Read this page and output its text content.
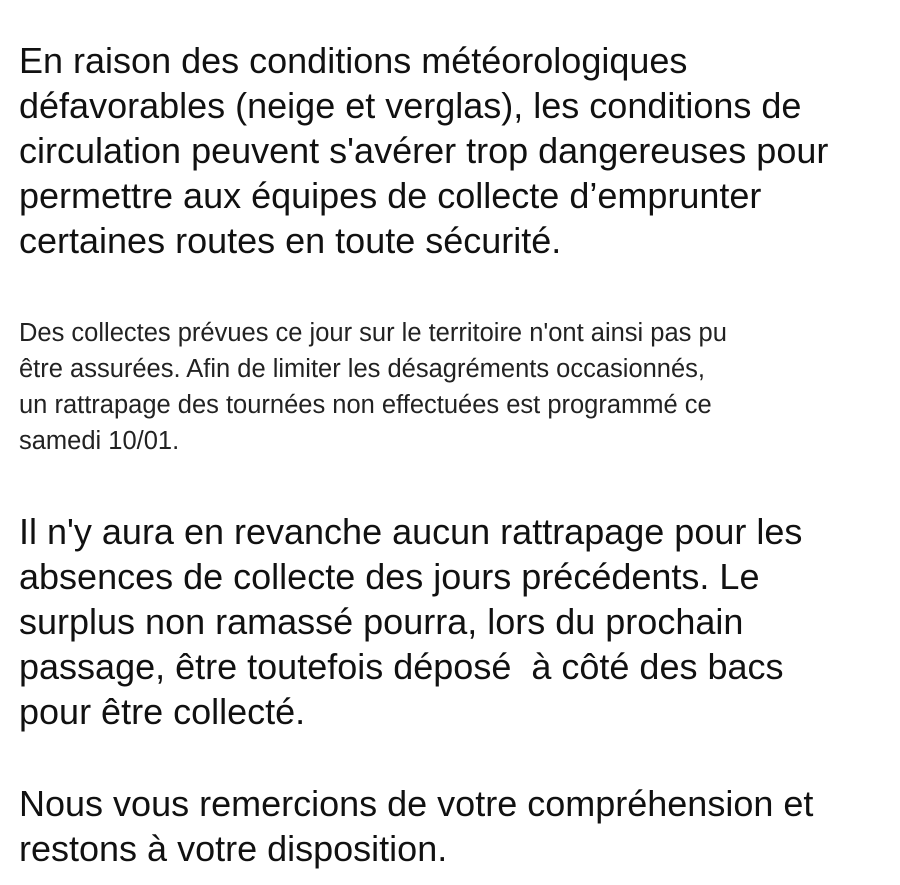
En raison des conditions météorologiques
défavorables (neige et verglas), les conditions de
circulation peuvent s'avérer trop dangereuses pour
permettre aux équipes de collecte d’emprunter
certaines routes en toute sécurité.

Des collectes prévues ce jour sur le territoire n'ont ainsi pas pu
être assurées. Afin de limiter les désagréments occasionnés,
un rattrapage des tournées non effectuées est programmé ce
samedi 10/01.

Il n'y aura en revanche aucun rattrapage pour les
absences de collecte des jours précédents. Le
surplus non ramassé pourra, lors du prochain
passage, être toutefois déposé  à côté des bacs
pour être collecté.

Nous vous remercions de votre compréhension et
restons à votre disposition.
